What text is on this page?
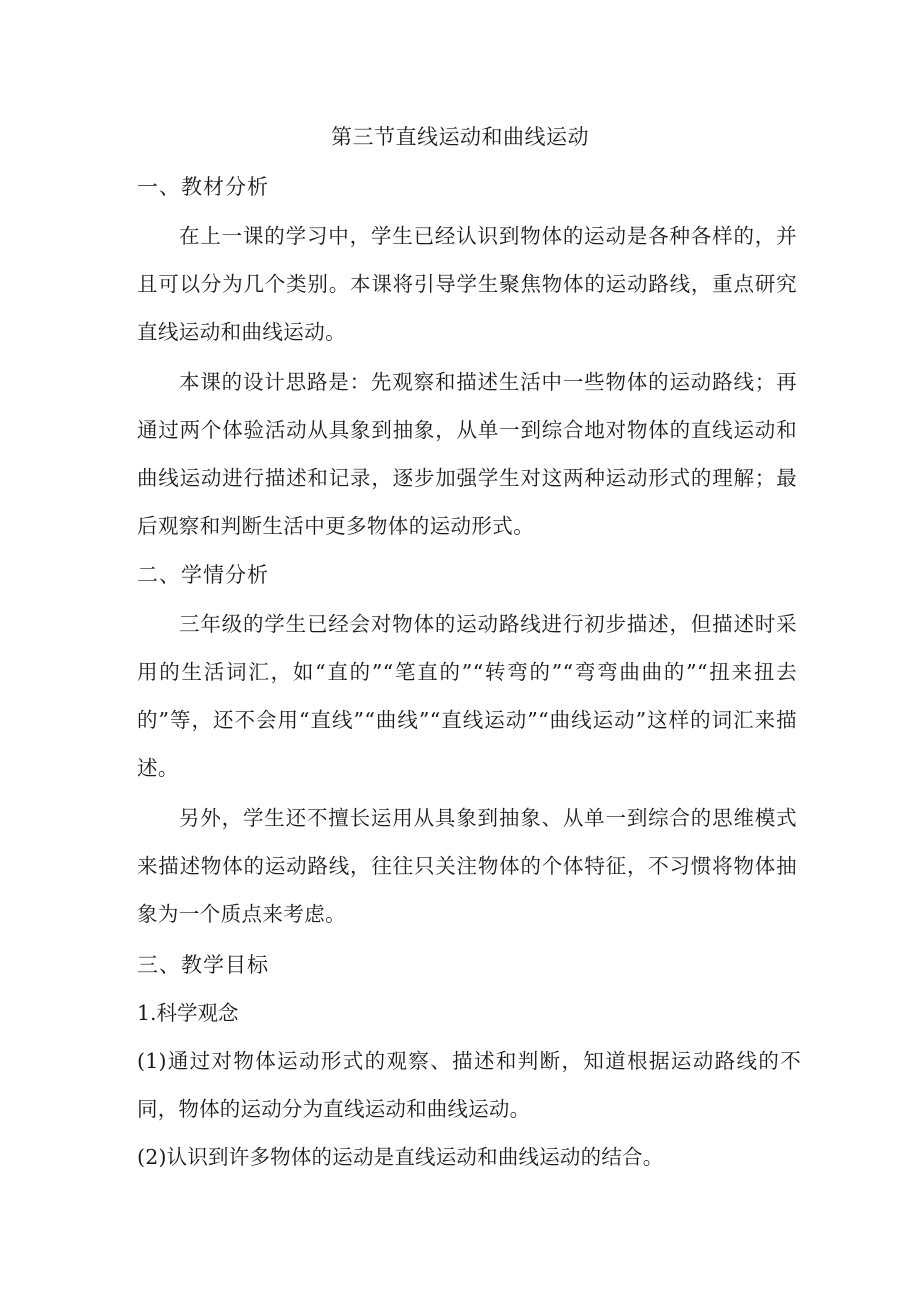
第三节直线运动和曲线运动
一、教材分析
在上一课的学习中，学生已经认识到物体的运动是各种各样的，并且可以分为几个类别。本课将引导学生聚焦物体的运动路线，重点研究直线运动和曲线运动。
本课的设计思路是：先观察和描述生活中一些物体的运动路线；再通过两个体验活动从具象到抽象，从单一到综合地对物体的直线运动和曲线运动进行描述和记录，逐步加强学生对这两种运动形式的理解；最后观察和判断生活中更多物体的运动形式。
二、学情分析
三年级的学生已经会对物体的运动路线进行初步描述，但描述时采用的生活词汇，如“直的”“笔直的”“转弯的”“弯弯曲曲的”“扭来扭去的”等，还不会用“直线”“曲线”“直线运动”“曲线运动”这样的词汇来描述。
另外，学生还不擅长运用从具象到抽象、从单一到综合的思维模式来描述物体的运动路线，往往只关注物体的个体特征，不习惯将物体抽象为一个质点来考虑。
三、教学目标
1.科学观念
(1)通过对物体运动形式的观察、描述和判断，知道根据运动路线的不同，物体的运动分为直线运动和曲线运动。
(2)认识到许多物体的运动是直线运动和曲线运动的结合。
